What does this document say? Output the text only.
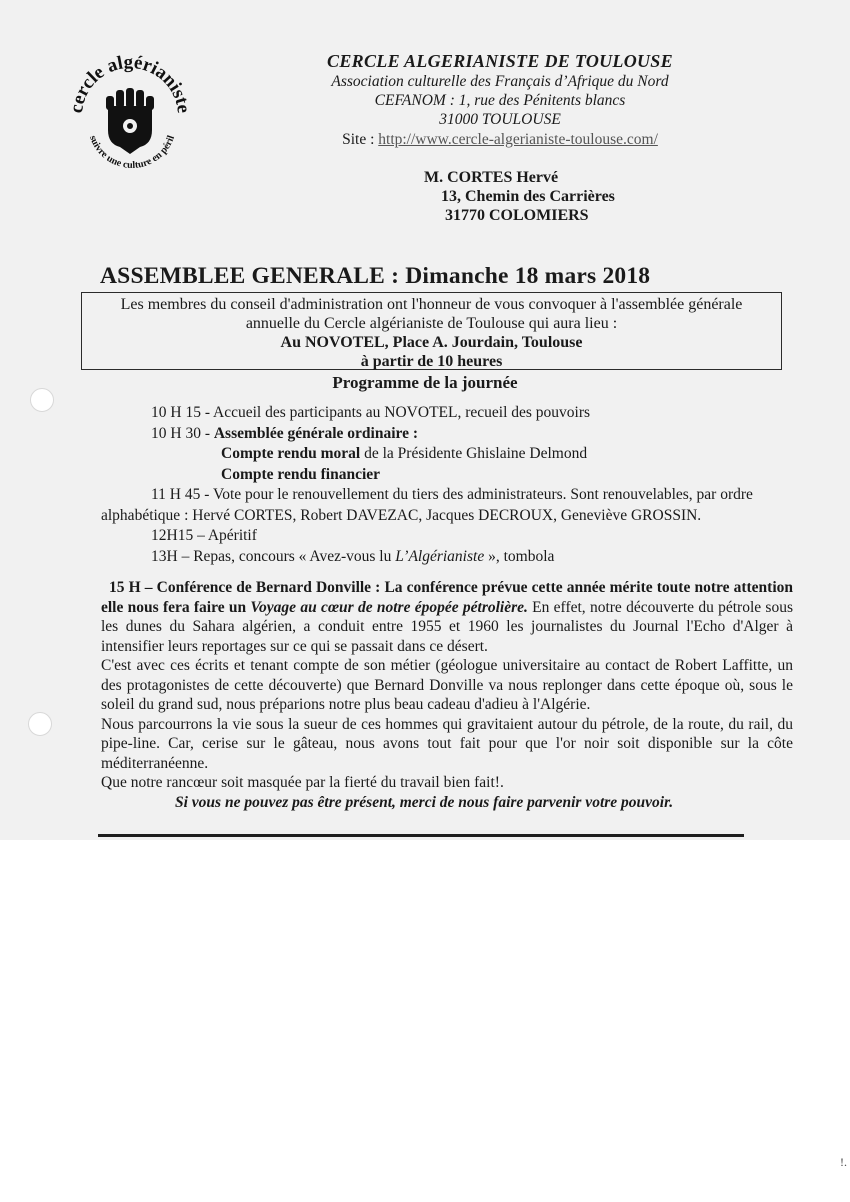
cercle algérianiste
suivre une culture en péril
CERCLE ALGERIANISTE DE TOULOUSE
Association culturelle des Français d’Afrique du Nord
CEFANOM : 1, rue des Pénitents blancs
31000 TOULOUSE
Site : http://www.cercle-algerianiste-toulouse.com/
M. CORTES Hervé
13, Chemin des Carrières
31770 COLOMIERS
ASSEMBLEE GENERALE : Dimanche 18 mars 2018
Les membres du conseil d'administration ont l'honneur de vous convoquer à l'assemblée générale
annuelle du Cercle algérianiste de Toulouse qui aura lieu :
Au NOVOTEL, Place A. Jourdain, Toulouse
à partir de 10 heures
Programme de la journée
10 H 15 - Accueil des participants au NOVOTEL, recueil des pouvoirs
10 H 30 - Assemblée générale ordinaire :
Compte rendu moral de la Présidente Ghislaine Delmond
Compte rendu financier
11 H 45 - Vote pour le renouvellement du tiers des administrateurs. Sont renouvelables, par ordre alphabétique : Hervé CORTES, Robert DAVEZAC, Jacques DECROUX, Geneviève GROSSIN.
12H15 – Apéritif
13H – Repas, concours « Avez-vous lu L’Algérianiste », tombola

15 H – Conférence de Bernard Donville : La conférence prévue cette année mérite toute notre attention elle nous fera faire un Voyage au cœur de notre épopée pétrolière. En effet, notre découverte du pétrole sous les dunes du Sahara algérien, a conduit entre 1955 et 1960 les journalistes du Journal l'Echo d'Alger à intensifier leurs reportages sur ce qui se passait dans ce désert.

C'est avec ces écrits et tenant compte de son métier (géologue universitaire au contact de Robert Laffitte, un des protagonistes de cette découverte) que Bernard Donville va nous replonger dans cette époque où, sous le soleil du grand sud, nous préparions notre plus beau cadeau d'adieu à l'Algérie.

Nous parcourrons la vie sous la sueur de ces hommes qui gravitaient autour du pétrole, de la route, du rail, du pipe-line. Car, cerise sur le gâteau, nous avons tout fait pour que l'or noir soit disponible sur la côte méditerranéenne.

Que notre rancœur soit masquée par la fierté du travail bien fait!.

Si vous ne pouvez pas être présent, merci de nous faire parvenir votre pouvoir.

!.
